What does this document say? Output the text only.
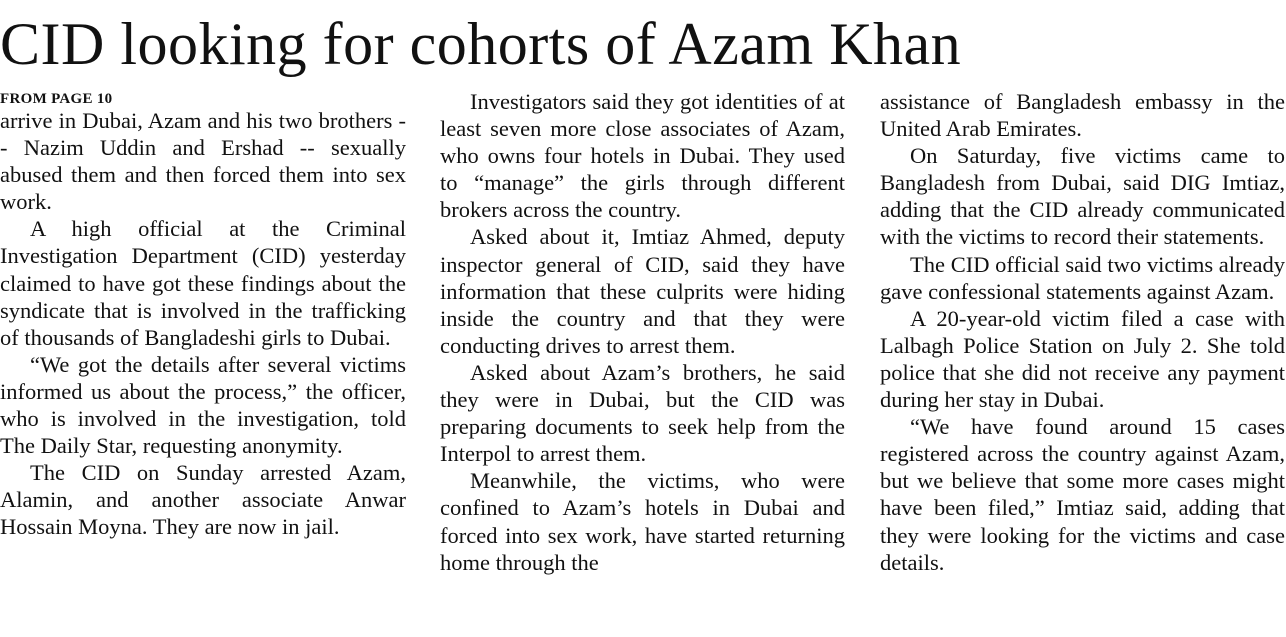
CID looking for cohorts of Azam Khan
FROM PAGE 10

arrive in Dubai, Azam and his two brothers -- Nazim Uddin and Ershad -- sexually abused them and then forced them into sex work.

A high official at the Criminal Investigation Department (CID) yesterday claimed to have got these findings about the syndicate that is involved in the trafficking of thousands of Bangladeshi girls to Dubai.

“We got the details after several victims informed us about the process,” the officer, who is involved in the investigation, told The Daily Star, requesting anonymity.

The CID on Sunday arrested Azam, Alamin, and another associate Anwar Hossain Moyna. They are now in jail.

Investigators said they got identities of at least seven more close associates of Azam, who owns four hotels in Dubai. They used to “manage” the girls through different brokers across the country.

Asked about it, Imtiaz Ahmed, deputy inspector general of CID, said they have information that these culprits were hiding inside the country and that they were conducting drives to arrest them.

Asked about Azam’s brothers, he said they were in Dubai, but the CID was preparing documents to seek help from the Interpol to arrest them.

Meanwhile, the victims, who were confined to Azam’s hotels in Dubai and forced into sex work, have started returning home through the

assistance of Bangladesh embassy in the United Arab Emirates.

On Saturday, five victims came to Bangladesh from Dubai, said DIG Imtiaz, adding that the CID already communicated with the victims to record their statements.

The CID official said two victims already gave confessional statements against Azam.

A 20-year-old victim filed a case with Lalbagh Police Station on July 2. She told police that she did not receive any payment during her stay in Dubai.

“We have found around 15 cases registered across the country against Azam, but we believe that some more cases might have been filed,” Imtiaz said, adding that they were looking for the victims and case details.
